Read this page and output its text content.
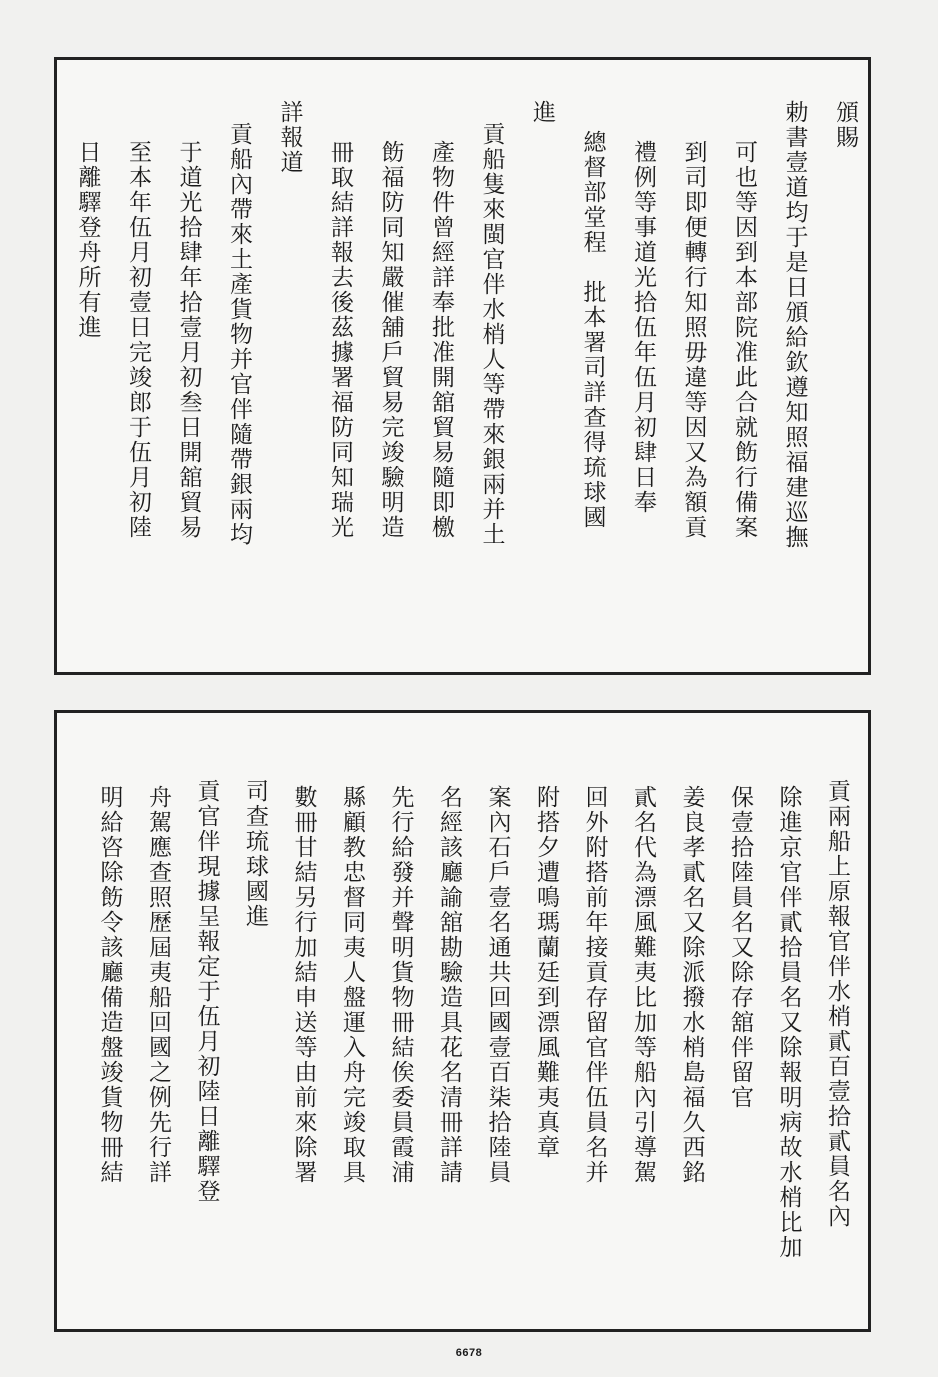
頒賜
勅書壹道均于是日頒給欽遵知照福建巡撫
可也等因到本部院准此合就飭行備案
到司即便轉行知照毋違等因又為額貢
禮例等事道光拾伍年伍月初肆日奉
總督部堂程　批本署司詳查得琉球國
進
貢船隻來閩官伴水梢人等帶來銀兩并土
產物件曾經詳奉批准開舘貿易隨即檄
飭福防同知嚴催舖戶貿易完竣驗明造
冊取結詳報去後茲據署福防同知瑞光
詳報道
貢船內帶來土產貨物并官伴隨帶銀兩均
于道光拾肆年拾壹月初叁日開舘貿易
至本年伍月初壹日完竣郎于伍月初陸
日離驛登舟所有進
貢兩船上原報官伴水梢貳百壹拾貳員名內
除進京官伴貳拾員名又除報明病故水梢比加
保壹拾陸員名又除存舘伴留官
姜良孝貳名又除派撥水梢島福久西銘
貳名代為漂風難夷比加等船內引導駕
回外附搭前年接貢存留官伴伍員名并
附搭夕遭鳴瑪蘭廷到漂風難夷真章
案內石戶壹名通共回國壹百柒拾陸員
名經該廳諭舘勘驗造具花名清冊詳請
先行給發并聲明貨物冊結俟委員霞浦
縣顧教忠督同夷人盤運入舟完竣取具
數冊甘結另行加結申送等由前來除署
司查琉球國進
貢官伴現據呈報定于伍月初陸日離驛登
舟駕應查照歷屆夷船回國之例先行詳
明給咨除飭令該廳備造盤竣貨物冊結
6678
